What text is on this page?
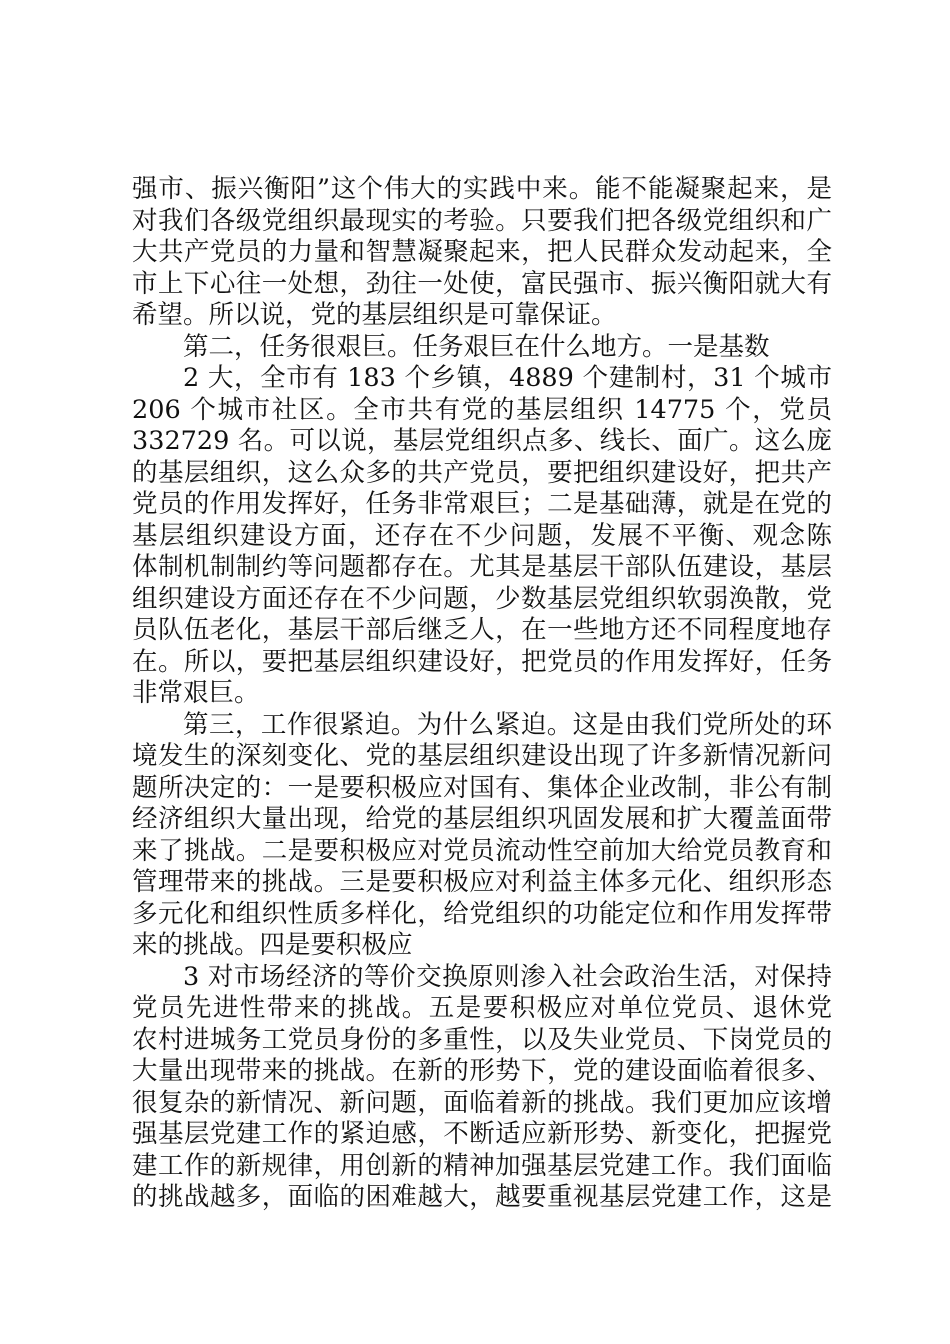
强市、振兴衡阳”这个伟大的实践中来。能不能凝聚起来，是
对我们各级党组织最现实的考验。只要我们把各级党组织和广
大共产党员的力量和智慧凝聚起来，把人民群众发动起来，全
市上下心往一处想，劲往一处使，富民强市、振兴衡阳就大有
希望。所以说，党的基层组织是可靠保证。
第二，任务很艰巨。任务艰巨在什么地方。一是基数
2 大，全市有 183 个乡镇，4889 个建制村，31 个城市
206 个城市社区。全市共有党的基层组织 14775 个，党员
332729 名。可以说，基层党组织点多、线长、面广。这么庞
的基层组织，这么众多的共产党员，要把组织建设好，把共产
党员的作用发挥好，任务非常艰巨；二是基础薄，就是在党的
基层组织建设方面，还存在不少问题，发展不平衡、观念陈
体制机制制约等问题都存在。尤其是基层干部队伍建设，基层
组织建设方面还存在不少问题，少数基层党组织软弱涣散，党
员队伍老化，基层干部后继乏人，在一些地方还不同程度地存
在。所以，要把基层组织建设好，把党员的作用发挥好，任务
非常艰巨。
第三，工作很紧迫。为什么紧迫。这是由我们党所处的环
境发生的深刻变化、党的基层组织建设出现了许多新情况新问
题所决定的：一是要积极应对国有、集体企业改制，非公有制
经济组织大量出现，给党的基层组织巩固发展和扩大覆盖面带
来了挑战。二是要积极应对党员流动性空前加大给党员教育和
管理带来的挑战。三是要积极应对利益主体多元化、组织形态
多元化和组织性质多样化，给党组织的功能定位和作用发挥带
来的挑战。四是要积极应
3 对市场经济的等价交换原则渗入社会政治生活，对保持
党员先进性带来的挑战。五是要积极应对单位党员、退休党
农村进城务工党员身份的多重性，以及失业党员、下岗党员的
大量出现带来的挑战。在新的形势下，党的建设面临着很多、
很复杂的新情况、新问题，面临着新的挑战。我们更加应该增
强基层党建工作的紧迫感，不断适应新形势、新变化，把握党
建工作的新规律，用创新的精神加强基层党建工作。我们面临
的挑战越多，面临的困难越大，越要重视基层党建工作，这是
